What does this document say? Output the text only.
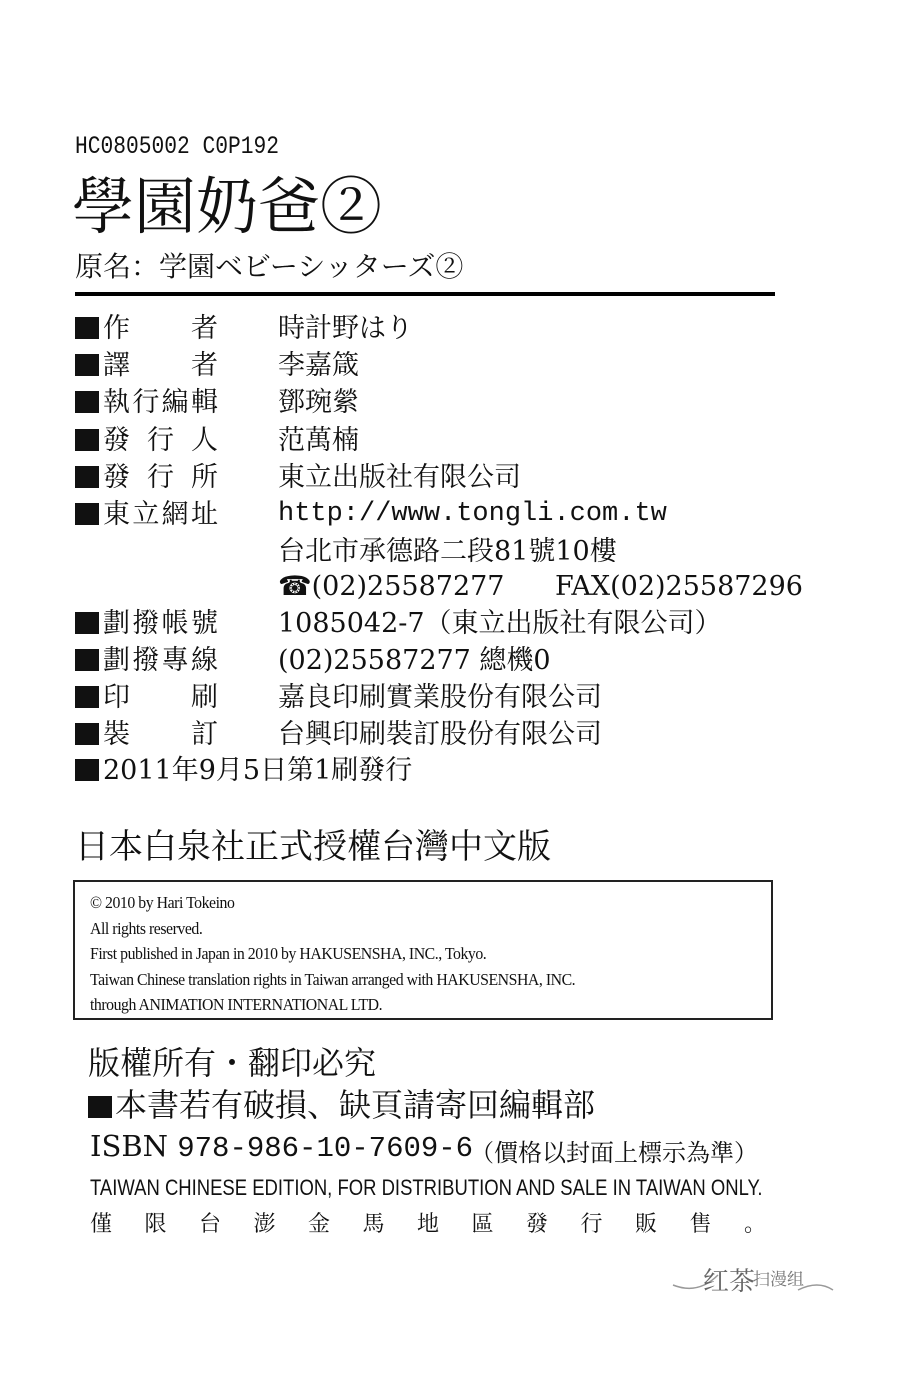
HC0805002 C0P192
學園奶爸②
原名：学園ベビーシッターズ②
作者 時計野はり
譯者 李嘉箴
執行編輯 鄧琬縈
發行人 范萬楠
發行所 東立出版社有限公司
東立網址 http://www.tongli.com.tw
台北市承德路二段81號10樓
☎(02)25587277 FAX(02)25587296
劃撥帳號 1085042-7（東立出版社有限公司）
劃撥專線 (02)25587277 總機0
印刷 嘉良印刷實業股份有限公司
裝訂 台興印刷裝訂股份有限公司
2011年9月5日第1刷發行
日本白泉社正式授權台灣中文版
© 2010 by Hari Tokeino
All rights reserved.
First published in Japan in 2010 by HAKUSENSHA, INC., Tokyo.
Taiwan Chinese translation rights in Taiwan arranged with HAKUSENSHA, INC.
through ANIMATION INTERNATIONAL LTD.
版權所有・翻印必究
本書若有破損、缺頁請寄回編輯部
ISBN 978-986-10-7609-6
（價格以封面上標示為準）
TAIWAN CHINESE EDITION, FOR DISTRIBUTION AND SALE IN TAIWAN ONLY.
僅限台澎金馬地區發行販售。
红茶
扫漫组
